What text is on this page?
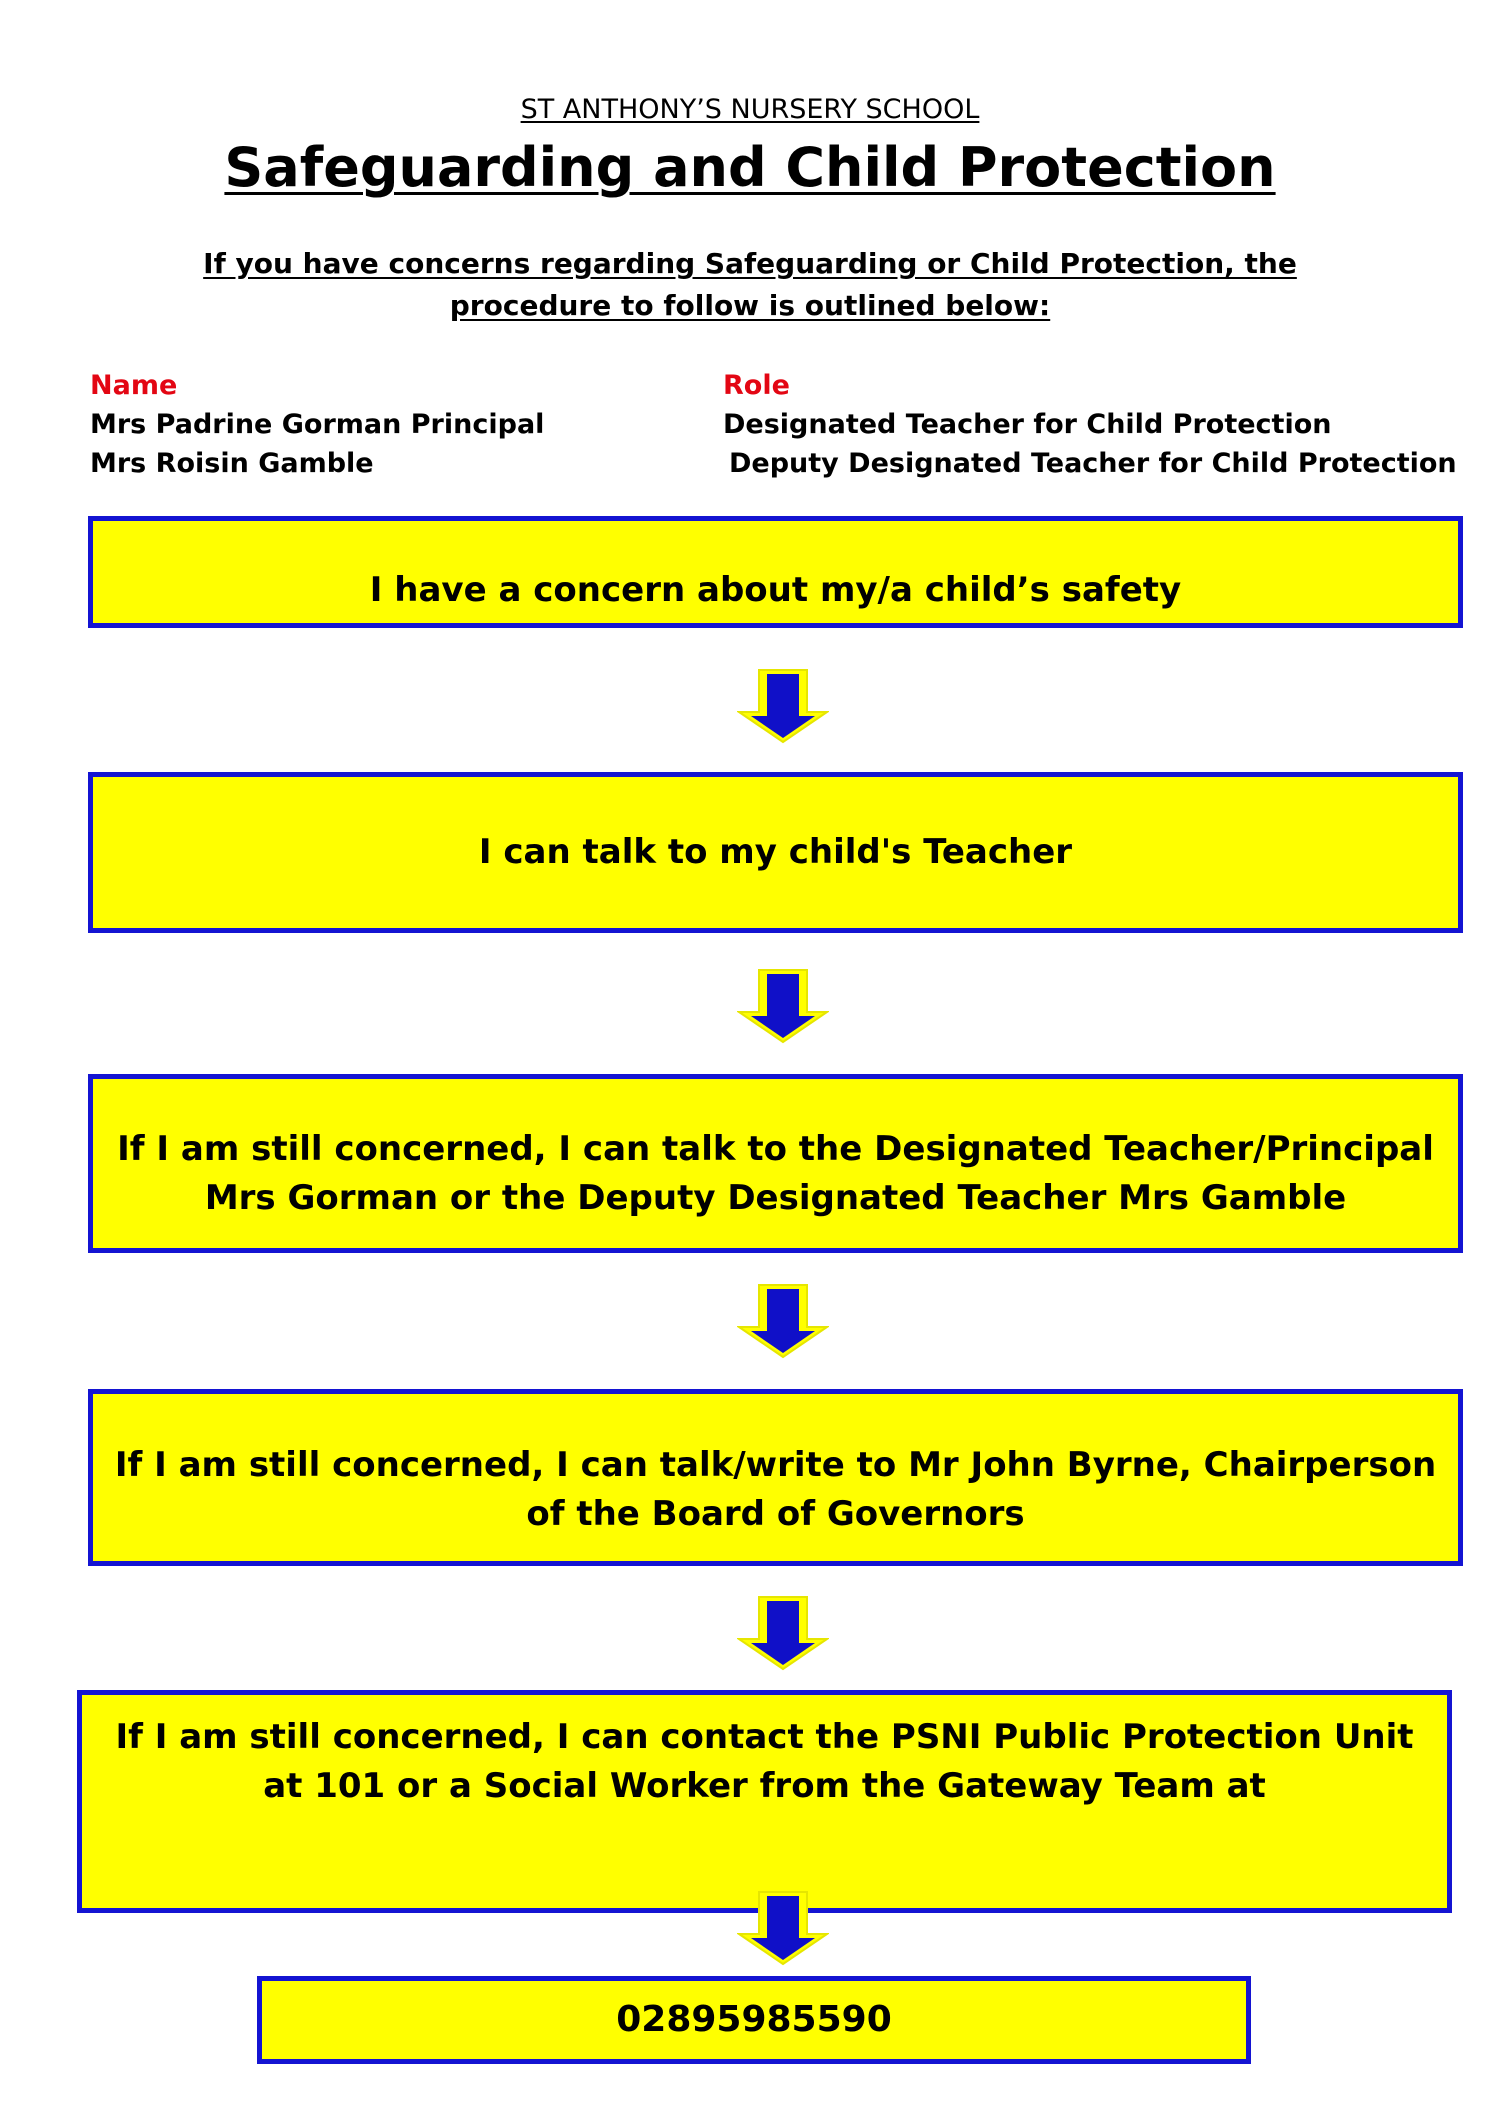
ST ANTHONY’S NURSERY SCHOOL
Safeguarding and Child Protection
If you have concerns regarding Safeguarding or Child Protection, the procedure to follow is outlined below:
Name	Role
Mrs Padrine Gorman Principal	Designated Teacher for Child Protection
Mrs Roisin Gamble	Deputy Designated Teacher for Child Protection
I have a concern about my/a child’s safety
I can talk to my child's Teacher
If I am still concerned, I can talk to the Designated Teacher/Principal Mrs Gorman or the Deputy Designated Teacher Mrs Gamble
If I am still concerned, I can talk/write to Mr John Byrne, Chairperson of the Board of Governors
If I am still concerned, I can contact the PSNI Public Protection Unit at 101 or a Social Worker from the Gateway Team at
02895985590
